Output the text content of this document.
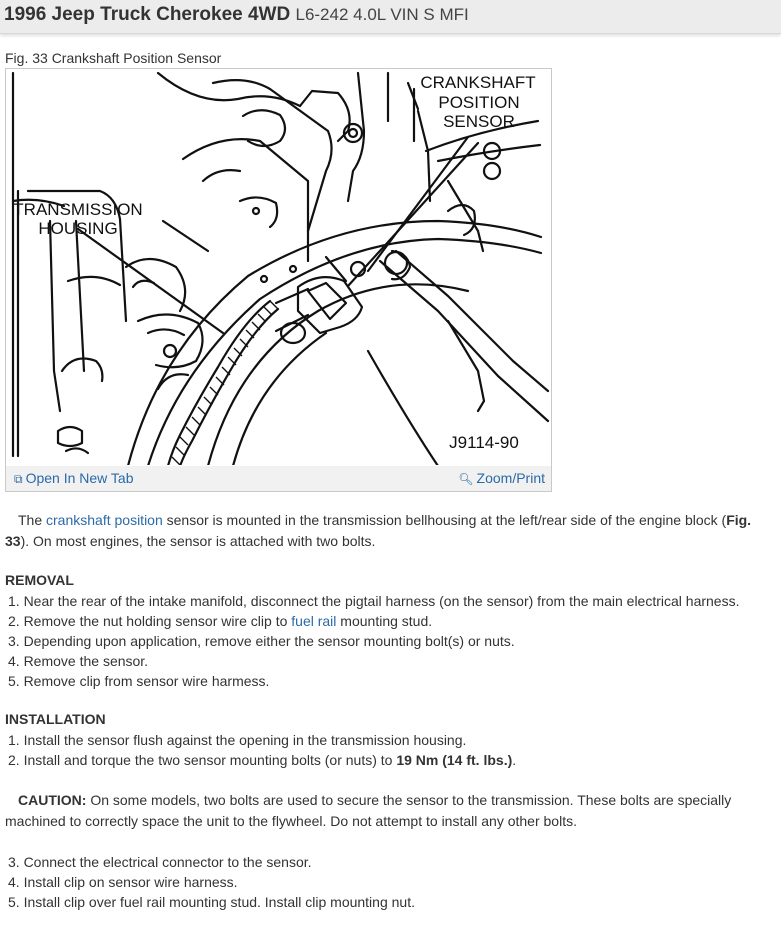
1996 Jeep Truck Cherokee 4WD L6-242 4.0L VIN S MFI
Fig. 33 Crankshaft Position Sensor
CRANKSHAFT
POSITION
SENSOR
TRANSMISSION
HOUSING
J9114-90
⧉ Open In New Tab	🔍︎ Zoom/Print

The crankshaft position sensor is mounted in the transmission bellhousing at the left/rear side of the engine block (Fig. 33). On most engines, the sensor is attached with two bolts.

REMOVAL
1. Near the rear of the intake manifold, disconnect the pigtail harness (on the sensor) from the main electrical harness.
2. Remove the nut holding sensor wire clip to fuel rail mounting stud.
3. Depending upon application, remove either the sensor mounting bolt(s) or nuts.
4. Remove the sensor.
5. Remove clip from sensor wire harmess.
INSTALLATION
1. Install the sensor flush against the opening in the transmission housing.
2. Install and torque the two sensor mounting bolts (or nuts) to 19 Nm (14 ft. lbs.).

CAUTION: On some models, two bolts are used to secure the sensor to the transmission. These bolts are specially machined to correctly space the unit to the flywheel. Do not attempt to install any other bolts.

3. Connect the electrical connector to the sensor.
4. Install clip on sensor wire harness.
5. Install clip over fuel rail mounting stud. Install clip mounting nut.
